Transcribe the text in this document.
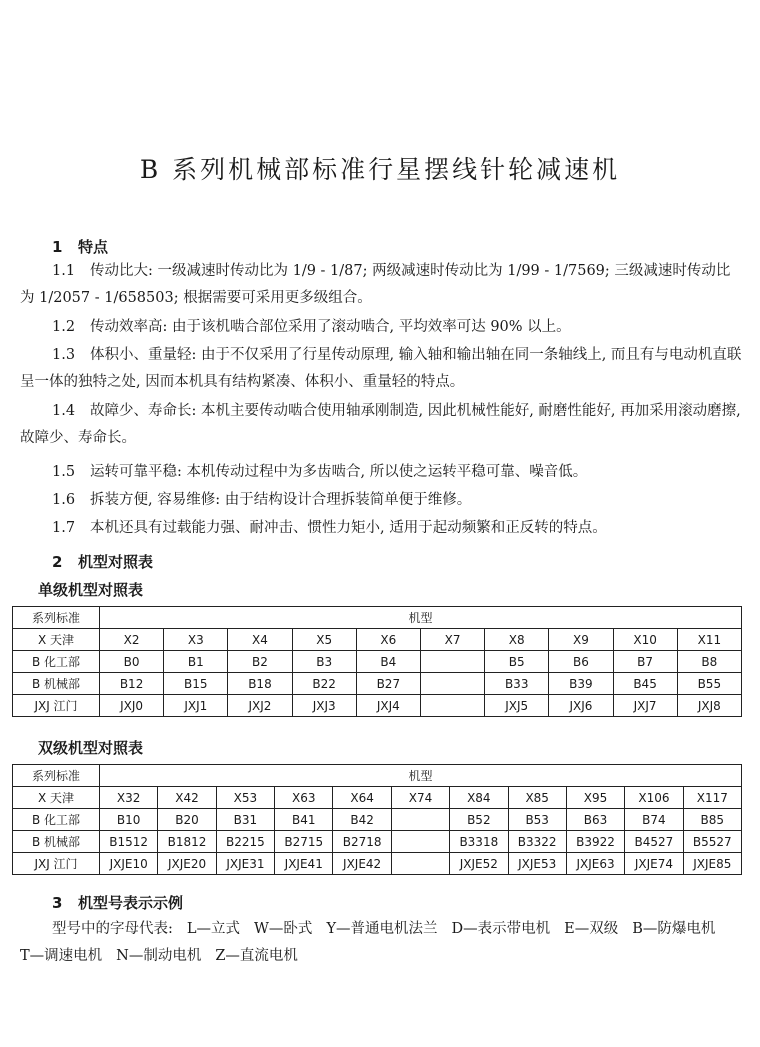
B 系列机械部标准行星摆线针轮减速机
1 特点
1.1 传动比大: 一级减速时传动比为 1/9 - 1/87; 两级减速时传动比为 1/99 - 1/7569; 三级减速时传动比为 1/2057 - 1/658503; 根据需要可采用更多级组合。
1.2 传动效率高: 由于该机啮合部位采用了滚动啮合, 平均效率可达 90% 以上。
1.3 体积小、重量轻: 由于不仅采用了行星传动原理, 输入轴和输出轴在同一条轴线上, 而且有与电动机直联呈一体的独特之处, 因而本机具有结构紧凑、体积小、重量轻的特点。
1.4 故障少、寿命长: 本机主要传动啮合使用轴承刚制造, 因此机械性能好, 耐磨性能好, 再加采用滚动磨擦, 故障少、寿命长。
1.5 运转可靠平稳: 本机传动过程中为多齿啮合, 所以使之运转平稳可靠、噪音低。
1.6 拆装方便, 容易维修: 由于结构设计合理拆装简单便于维修。
1.7 本机还具有过载能力强、耐冲击、惯性力矩小, 适用于起动频繁和正反转的特点。
2 机型对照表
单级机型对照表
系列标准	机型									
X 天津	X2	X3	X4	X5	X6	X7	X8	X9	X10	X11
B 化工部	B0	B1	B2	B3	B4		B5	B6	B7	B8
B 机械部	B12	B15	B18	B22	B27		B33	B39	B45	B55
JXJ 江门	JXJ0	JXJ1	JXJ2	JXJ3	JXJ4		JXJ5	JXJ6	JXJ7	JXJ8
双级机型对照表
系列标准	机型										
X 天津	X32	X42	X53	X63	X64	X74	X84	X85	X95	X106	X117
B 化工部	B10	B20	B31	B41	B42		B52	B53	B63	B74	B85
B 机械部	B1512	B1812	B2215	B2715	B2718		B3318	B3322	B3922	B4527	B5527
JXJ 江门	JXJE10	JXJE20	JXJE31	JXJE41	JXJE42		JXJE52	JXJE53	JXJE63	JXJE74	JXJE85
3 机型号表示示例
型号中的字母代表: L—立式 W—卧式 Y—普通电机法兰 D—表示带电机 E—双级 B—防爆电机T—调速电机 N—制动电机 Z—直流电机
